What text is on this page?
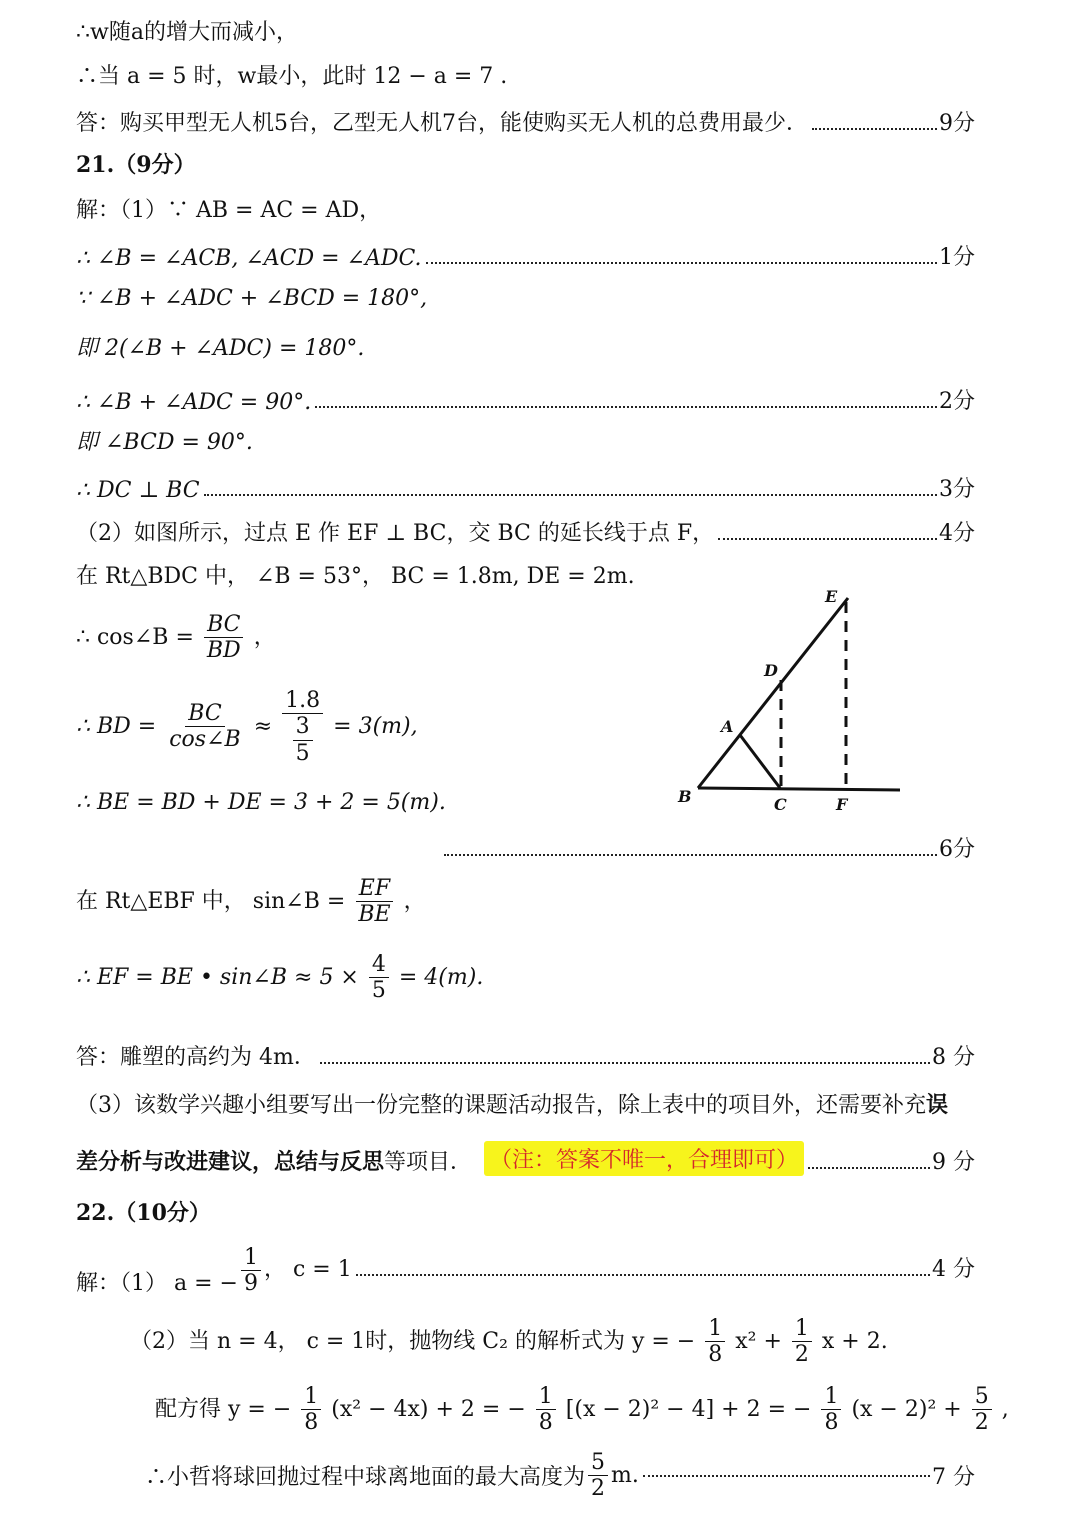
∴w随a的增大而减小，
∴当 a = 5 时，w最小，此时 12 − a = 7 .
答：购买甲型无人机5台，乙型无人机7台，能使购买无人机的总费用最少．	9分
21.（9分）
解：（1）∵ AB = AC = AD，
∴ ∠B = ∠ACB, ∠ACD = ∠ADC.	1分
∵ ∠B + ∠ADC + ∠BCD = 180°,
即 2(∠B + ∠ADC) = 180°.
∴ ∠B + ∠ADC = 90°.	2分
即 ∠BCD = 90°.
∴ DC ⊥ BC	3分
（2）如图所示，过点 E 作 EF ⊥ BC，交 BC 的延长线于点 F，	4分
在 Rt△BDC 中， ∠B = 53°， BC = 1.8m, DE = 2m.
∴ cos∠B = $\frac{BC}{BD}$ ，
∴ BD = $\frac{BC}{\cos\angle B} \approx \frac{1.8}{\frac{3}{5}} = 3(m)$,
∴ BE = BD + DE = 3 + 2 = 5(m).
6分
在 Rt△EBF 中， sin∠B = $\frac{EF}{BE}$ ，
∴ EF = BE • sin∠B ≈ $5 \times \frac{4}{5} = 4(m)$.
答：雕塑的高约为 4m．	8 分
E
D
A
B	C	F
（3）该数学兴趣小组要写出一份完整的课题活动报告，除上表中的项目外，还需要补充误
差分析与改进建议，总结与反思 等项目． （注：答案不唯一，合理即可）	9 分
22.（10分）
解：（1） a = − $\frac{1}{9}$ ， c = 1	4 分
（2）当 n = 4， c = 1时，抛物线 C₂ 的解析式为 y = − $\frac{1}{8} x^2 + \frac{1}{2}$ x + 2.
配方得 y = − $\frac{1}{8} (x^2 - 4x) + 2$ = − $\frac{1}{8} [(x - 2)^2 - 4] + 2$ = − $\frac{1}{8} (x - 2)^2 + \frac{5}{2}$ ,
∴小哲将球回抛过程中球离地面的最大高度为 $\frac{5}{2} m$.	7 分
